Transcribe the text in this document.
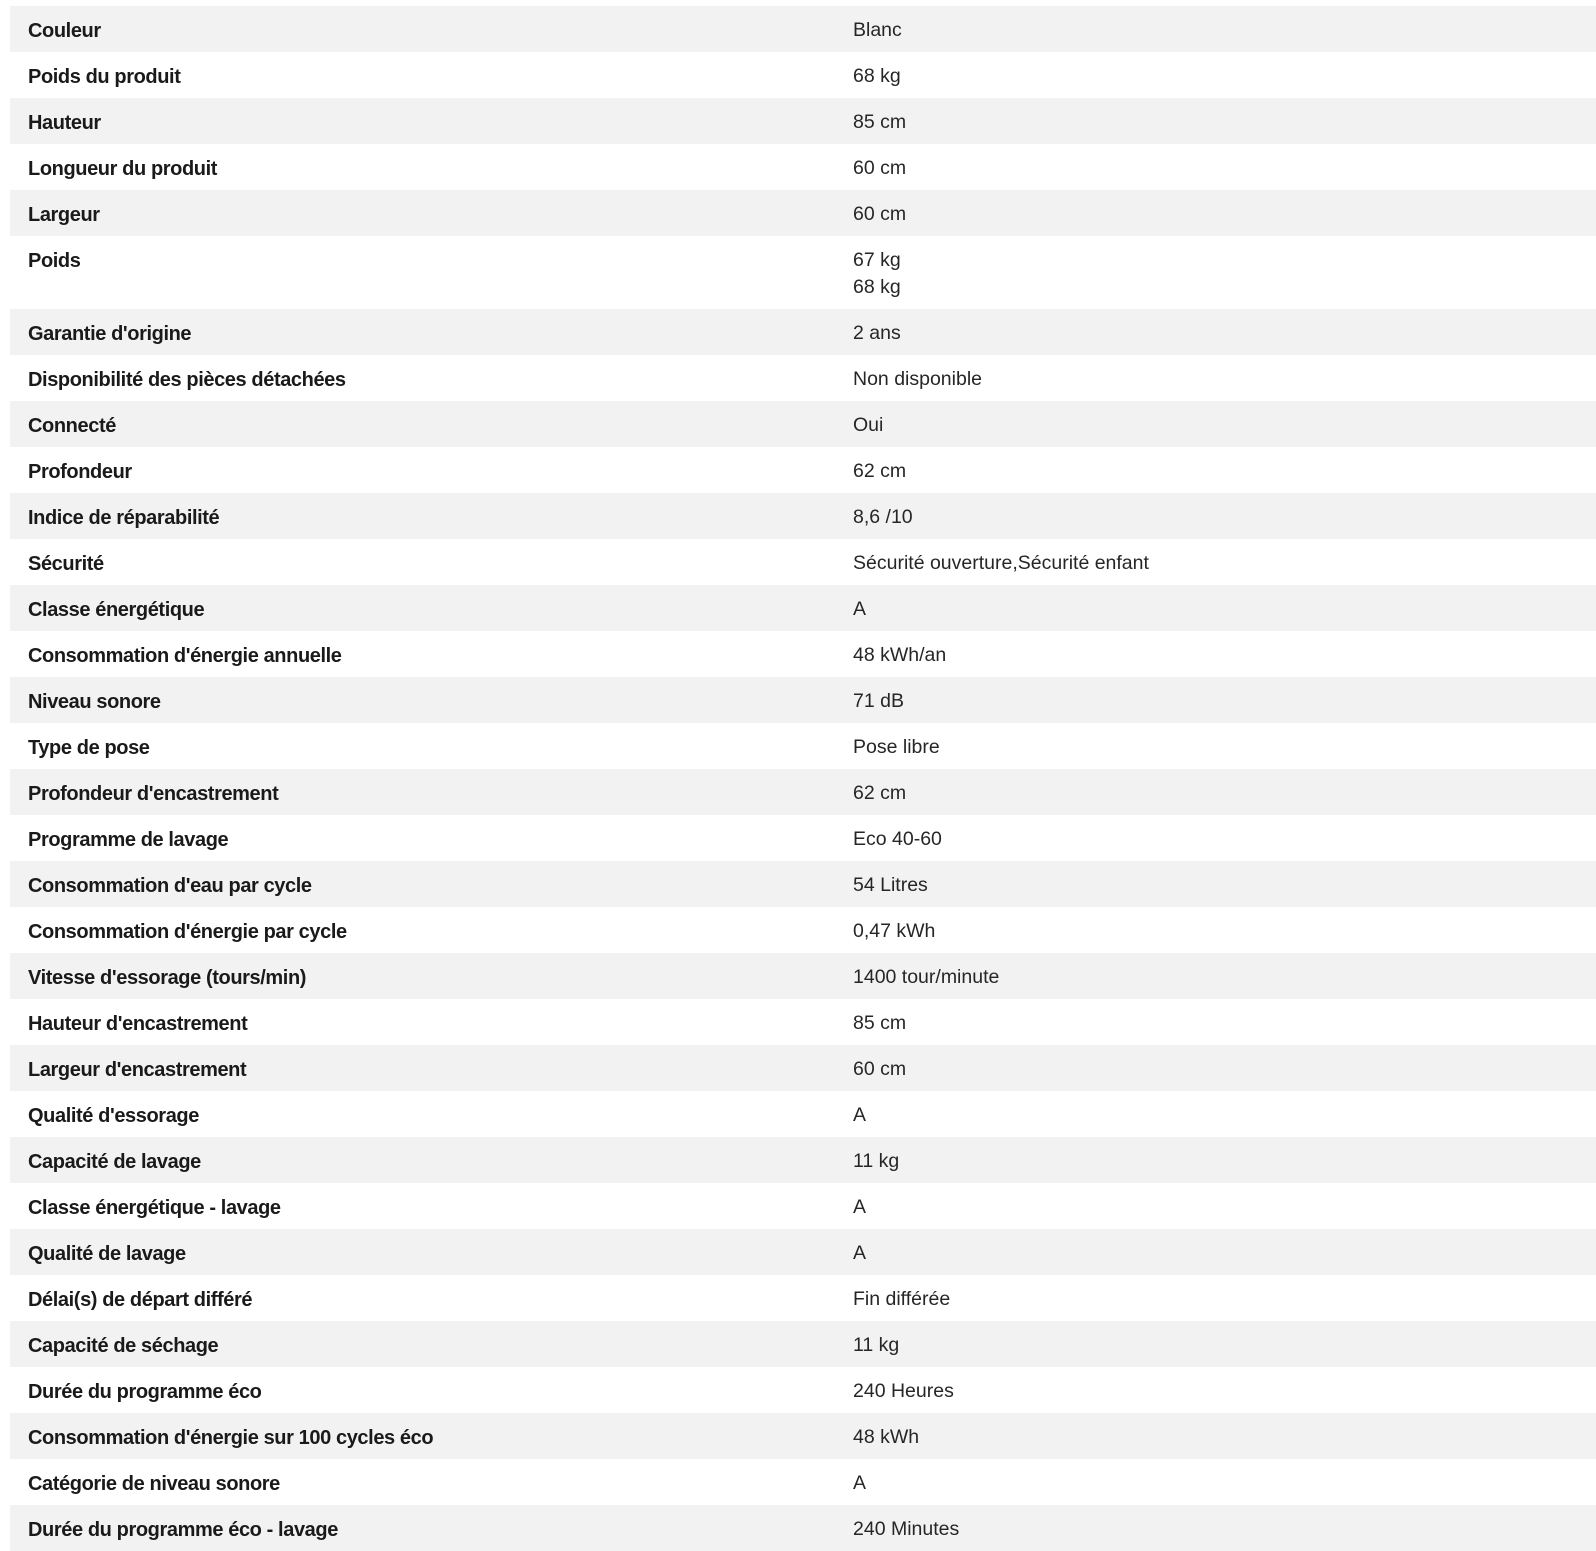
Couleur	Blanc
Poids du produit	68 kg
Hauteur	85 cm
Longueur du produit	60 cm
Largeur	60 cm
Poids	67 kg
68 kg
Garantie d'origine	2 ans
Disponibilité des pièces détachées	Non disponible
Connecté	Oui
Profondeur	62 cm
Indice de réparabilité	8,6 /10
Sécurité	Sécurité ouverture,Sécurité enfant
Classe énergétique	A
Consommation d'énergie annuelle	48 kWh/an
Niveau sonore	71 dB
Type de pose	Pose libre
Profondeur d'encastrement	62 cm
Programme de lavage	Eco 40-60
Consommation d'eau par cycle	54 Litres
Consommation d'énergie par cycle	0,47 kWh
Vitesse d'essorage (tours/min)	1400 tour/minute
Hauteur d'encastrement	85 cm
Largeur d'encastrement	60 cm
Qualité d'essorage	A
Capacité de lavage	11 kg
Classe énergétique - lavage	A
Qualité de lavage	A
Délai(s) de départ différé	Fin différée
Capacité de séchage	11 kg
Durée du programme éco	240 Heures
Consommation d'énergie sur 100 cycles éco	48 kWh
Catégorie de niveau sonore	A
Durée du programme éco - lavage	240 Minutes
